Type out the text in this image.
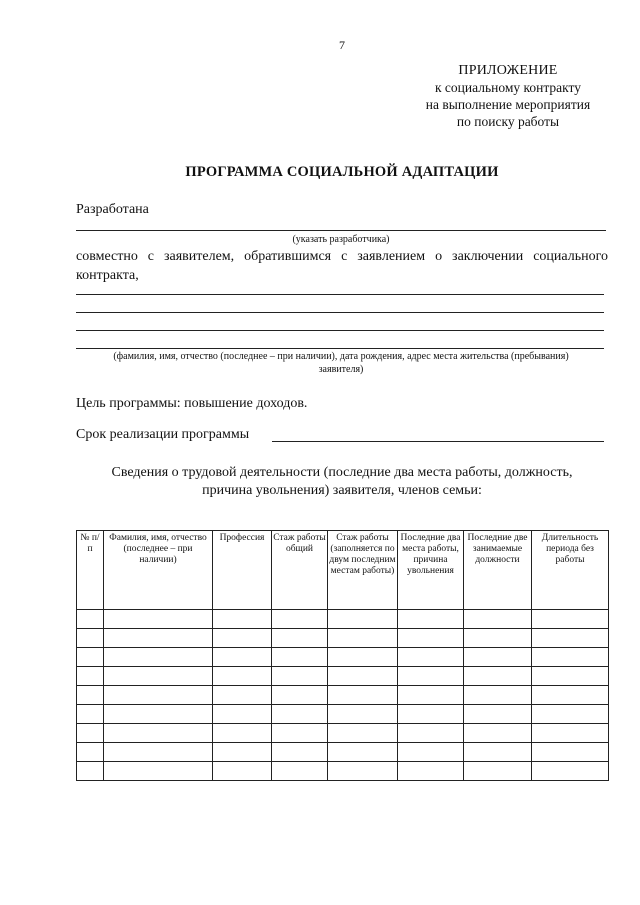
7
ПРИЛОЖЕНИЕ
к социальному контракту
на выполнение мероприятия
по поиску работы
ПРОГРАММА СОЦИАЛЬНОЙ АДАПТАЦИИ
Разработана
(указать разработчика)
совместно с заявителем, обратившимся с заявлением о заключении социального
контракта,
(фамилия, имя, отчество (последнее – при наличии), дата рождения, адрес места жительства (пребывания)
заявителя)
Цель программы: повышение доходов.
Срок реализации программы
Сведения о трудовой деятельности (последние два места работы, должность,
причина увольнения) заявителя, членов семьи:
№ п/п	Фамилия, имя, отчество (последнее – при наличии)	Профессия	Стаж работы общий	Стаж работы (заполняется по двум последним местам работы)	Последние два места работы, причина увольнения	Последние две занимаемые должности	Длительность периода без работы
